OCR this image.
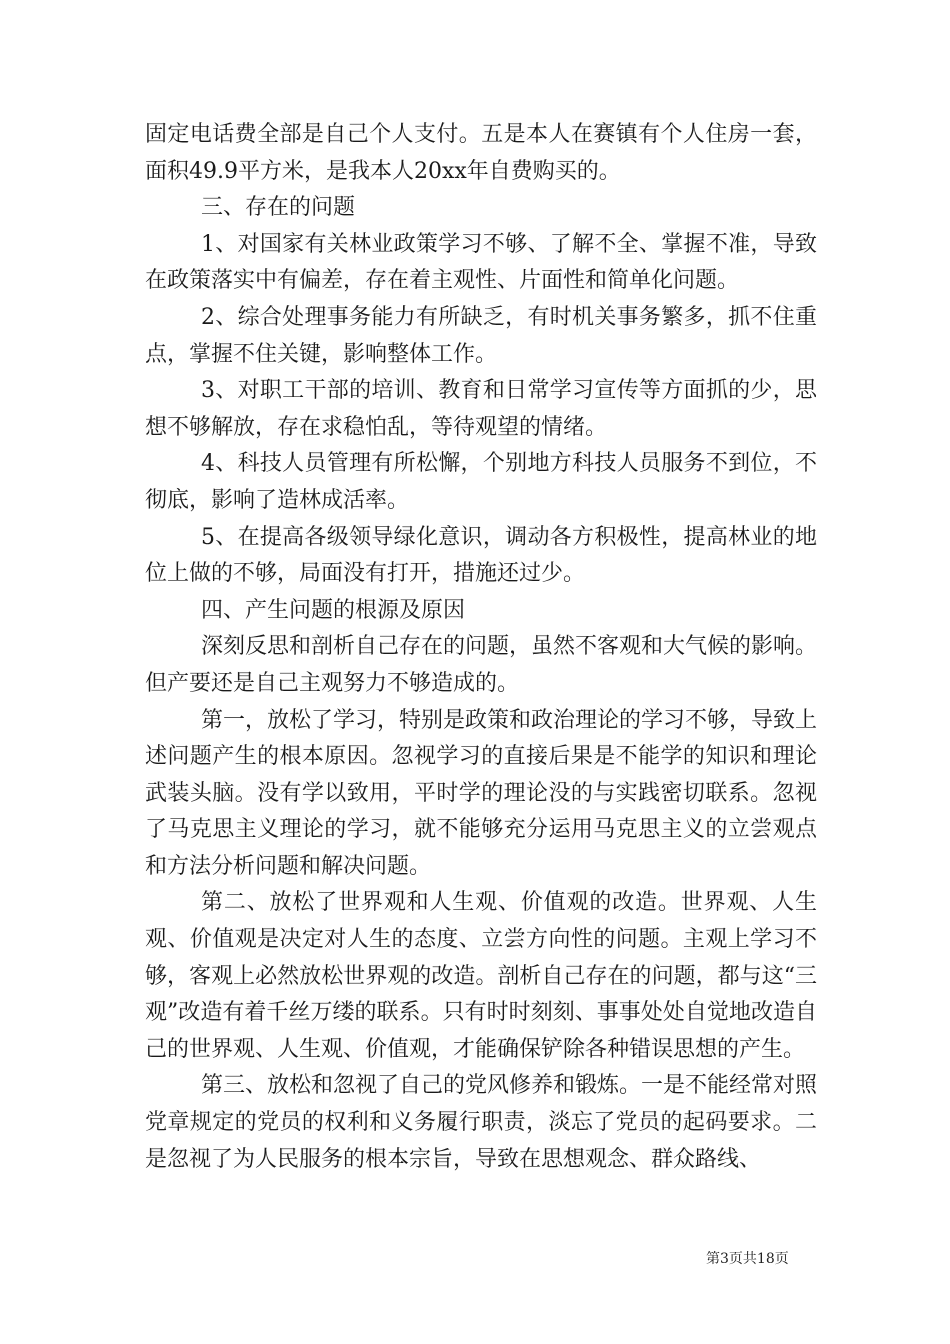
固定电话费全部是自己个人支付。五是本人在赛镇有个人住房一套，面积49.9平方米，是我本人20xx年自费购买的。

三、存在的问题

1、对国家有关林业政策学习不够、了解不全、掌握不准，导致在政策落实中有偏差，存在着主观性、片面性和简单化问题。

2、综合处理事务能力有所缺乏，有时机关事务繁多，抓不住重点，掌握不住关键，影响整体工作。

3、对职工干部的培训、教育和日常学习宣传等方面抓的少，思想不够解放，存在求稳怕乱，等待观望的情绪。

4、科技人员管理有所松懈，个别地方科技人员服务不到位，不彻底，影响了造林成活率。

5、在提高各级领导绿化意识，调动各方积极性，提高林业的地位上做的不够，局面没有打开，措施还过少。

四、产生问题的根源及原因

深刻反思和剖析自己存在的问题，虽然不客观和大气候的影响。但产要还是自己主观努力不够造成的。

第一，放松了学习，特别是政策和政治理论的学习不够，导致上述问题产生的根本原因。忽视学习的直接后果是不能学的知识和理论武装头脑。没有学以致用，平时学的理论没的与实践密切联系。忽视了马克思主义理论的学习，就不能够充分运用马克思主义的立尝观点和方法分析问题和解决问题。

第二、放松了世界观和人生观、价值观的改造。世界观、人生观、价值观是决定对人生的态度、立尝方向性的问题。主观上学习不够，客观上必然放松世界观的改造。剖析自己存在的问题，都与这“三观”改造有着千丝万缕的联系。只有时时刻刻、事事处处自觉地改造自己的世界观、人生观、价值观，才能确保铲除各种错误思想的产生。

第三、放松和忽视了自己的党风修养和锻炼。一是不能经常对照党章规定的党员的权利和义务履行职责，淡忘了党员的起码要求。二是忽视了为人民服务的根本宗旨，导致在思想观念、群众路线、

第3页共18页
